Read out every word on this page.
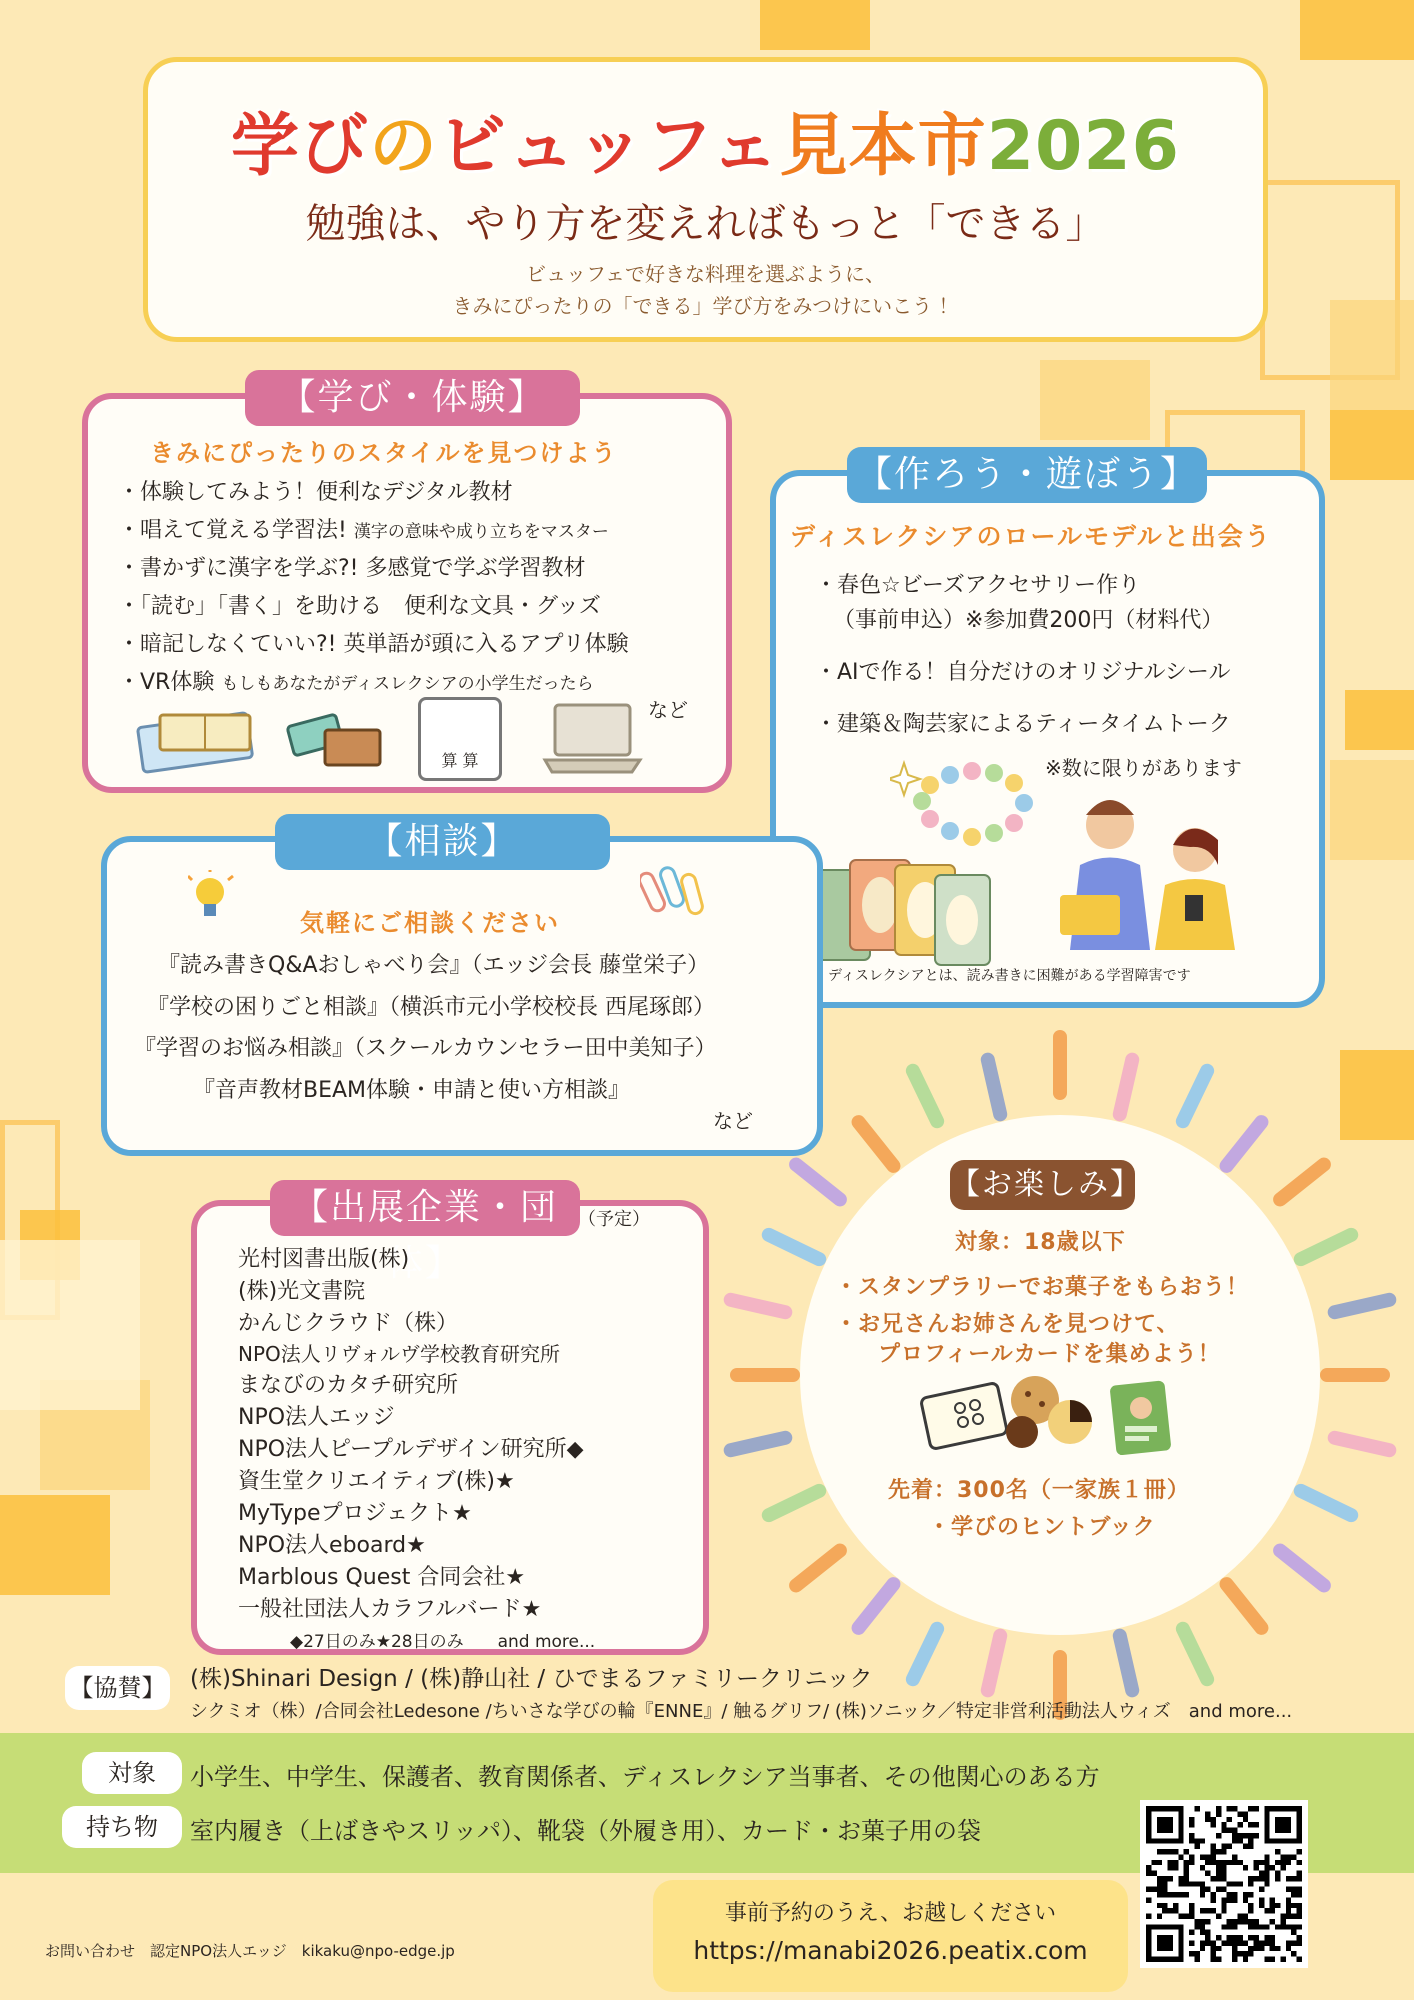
学びのビュッフェ見本市2026
勉強は、やり方を変えればもっと「できる」
ビュッフェで好きな料理を選ぶように、
きみにぴったりの「できる」学び方をみつけにいこう ！
【学び・体験】
きみにぴったりのスタイルを見つけよう
・体験してみよう！便利なデジタル教材
・唱えて覚える学習法! 漢字の意味や成り立ちをマスター
・書かずに漢字を学ぶ?! 多感覚で学ぶ学習教材
・「読む」「書く」を助ける　便利な文具・グッズ
・暗記しなくていい?! 英単語が頭に入るアプリ体験
・VR体験 もしもあなたがディスレクシアの小学生だったら
など
算 算
【作ろう・遊ぼう】
ディスレクシアのロールモデルと出会う
・春色☆ビーズアクセサリー作り
（事前申込）※参加費200円（材料代）
・AIで作る！自分だけのオリジナルシール
・建築＆陶芸家によるティータイムトーク
※数に限りがあります
ディスレクシアとは、読み書きに困難がある学習障害です
【相談】
気軽にご相談ください
『読み書きQ&Aおしゃべり会』（エッジ会長 藤堂栄子）
『学校の困りごと相談』（横浜市元小学校校長 西尾琢郎）
『学習のお悩み相談』（スクールカウンセラー田中美知子）
『音声教材BEAM体験・申請と使い方相談』
など
【出展企業・団体】
（予定）
光村図書出版(株)
(株)光文書院
かんじクラウド（株）
NPO法人リヴォルヴ学校教育研究所
まなびのカタチ研究所
NPO法人エッジ
NPO法人ピープルデザイン研究所◆
資生堂クリエイティブ(株)★
MyTypeプロジェクト★
NPO法人eboard★
Marblous Quest 合同会社★
一般社団法人カラフルバード★
◆27日のみ★28日のみ　　and more...
【お楽しみ】
対象：18歳以下
・スタンプラリーでお菓子をもらおう！
・お兄さんお姉さんを見つけて、
プロフィールカードを集めよう！
先着：300名（一家族１冊）
・学びのヒントブック
【協賛】 (株)Shinari Design / (株)静山社 / ひでまるファミリークリニック
シクミオ（株）/合同会社Ledesone /ちいさな学びの輪『ENNE』/ 触るグリフ/ (株)ソニック／特定非営利活動法人ウィズ　and more...
対象	小学生、中学生、保護者、教育関係者、ディスレクシア当事者、その他関心のある方
持ち物	室内履き（上ばきやスリッパ）、靴袋（外履き用）、カード・お菓子用の袋
事前予約のうえ、お越しください
https://manabi2026.peatix.com
お問い合わせ　認定NPO法人エッジ　kikaku@npo-edge.jp
